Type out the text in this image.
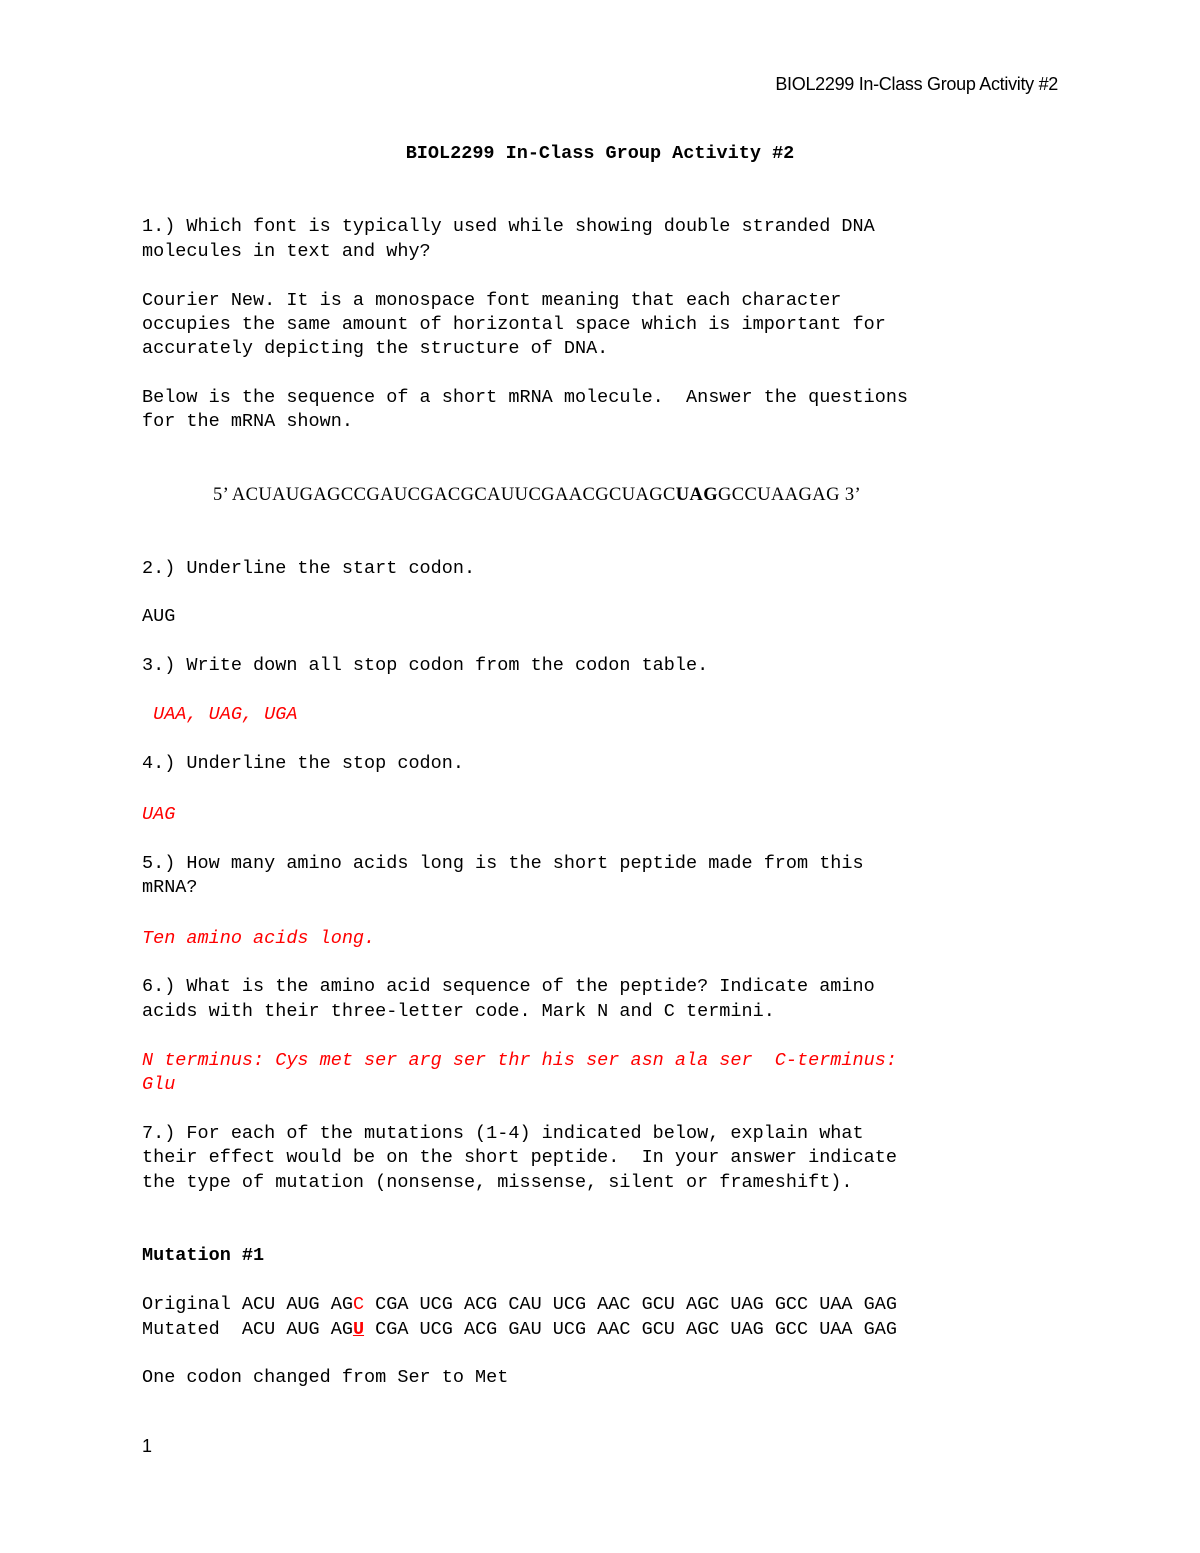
BIOL2299 In-Class Group Activity #2
BIOL2299 In-Class Group Activity #2
1.) Which font is typically used while showing double stranded DNA
molecules in text and why?
Courier New. It is a monospace font meaning that each character
occupies the same amount of horizontal space which is important for
accurately depicting the structure of DNA.
Below is the sequence of a short mRNA molecule.  Answer the questions
for the mRNA shown.
5’ ACUAUGAGCCGAUCGACGCAUUCGAACGCUAGCUAGGCCUAAGAG 3’
2.) Underline the start codon.
AUG
3.) Write down all stop codon from the codon table.
UAA, UAG, UGA
4.) Underline the stop codon.
UAG
5.) How many amino acids long is the short peptide made from this
mRNA?
Ten amino acids long.
6.) What is the amino acid sequence of the peptide? Indicate amino
acids with their three-letter code. Mark N and C termini.
N terminus: Cys met ser arg ser thr his ser asn ala ser  C-terminus:
Glu
7.) For each of the mutations (1-4) indicated below, explain what
their effect would be on the short peptide.  In your answer indicate
the type of mutation (nonsense, missense, silent or frameshift).
Mutation #1
Original ACU AUG AGC CGA UCG ACG CAU UCG AAC GCU AGC UAG GCC UAA GAG
Mutated  ACU AUG AGU CGA UCG ACG GAU UCG AAC GCU AGC UAG GCC UAA GAG
One codon changed from Ser to Met
1
